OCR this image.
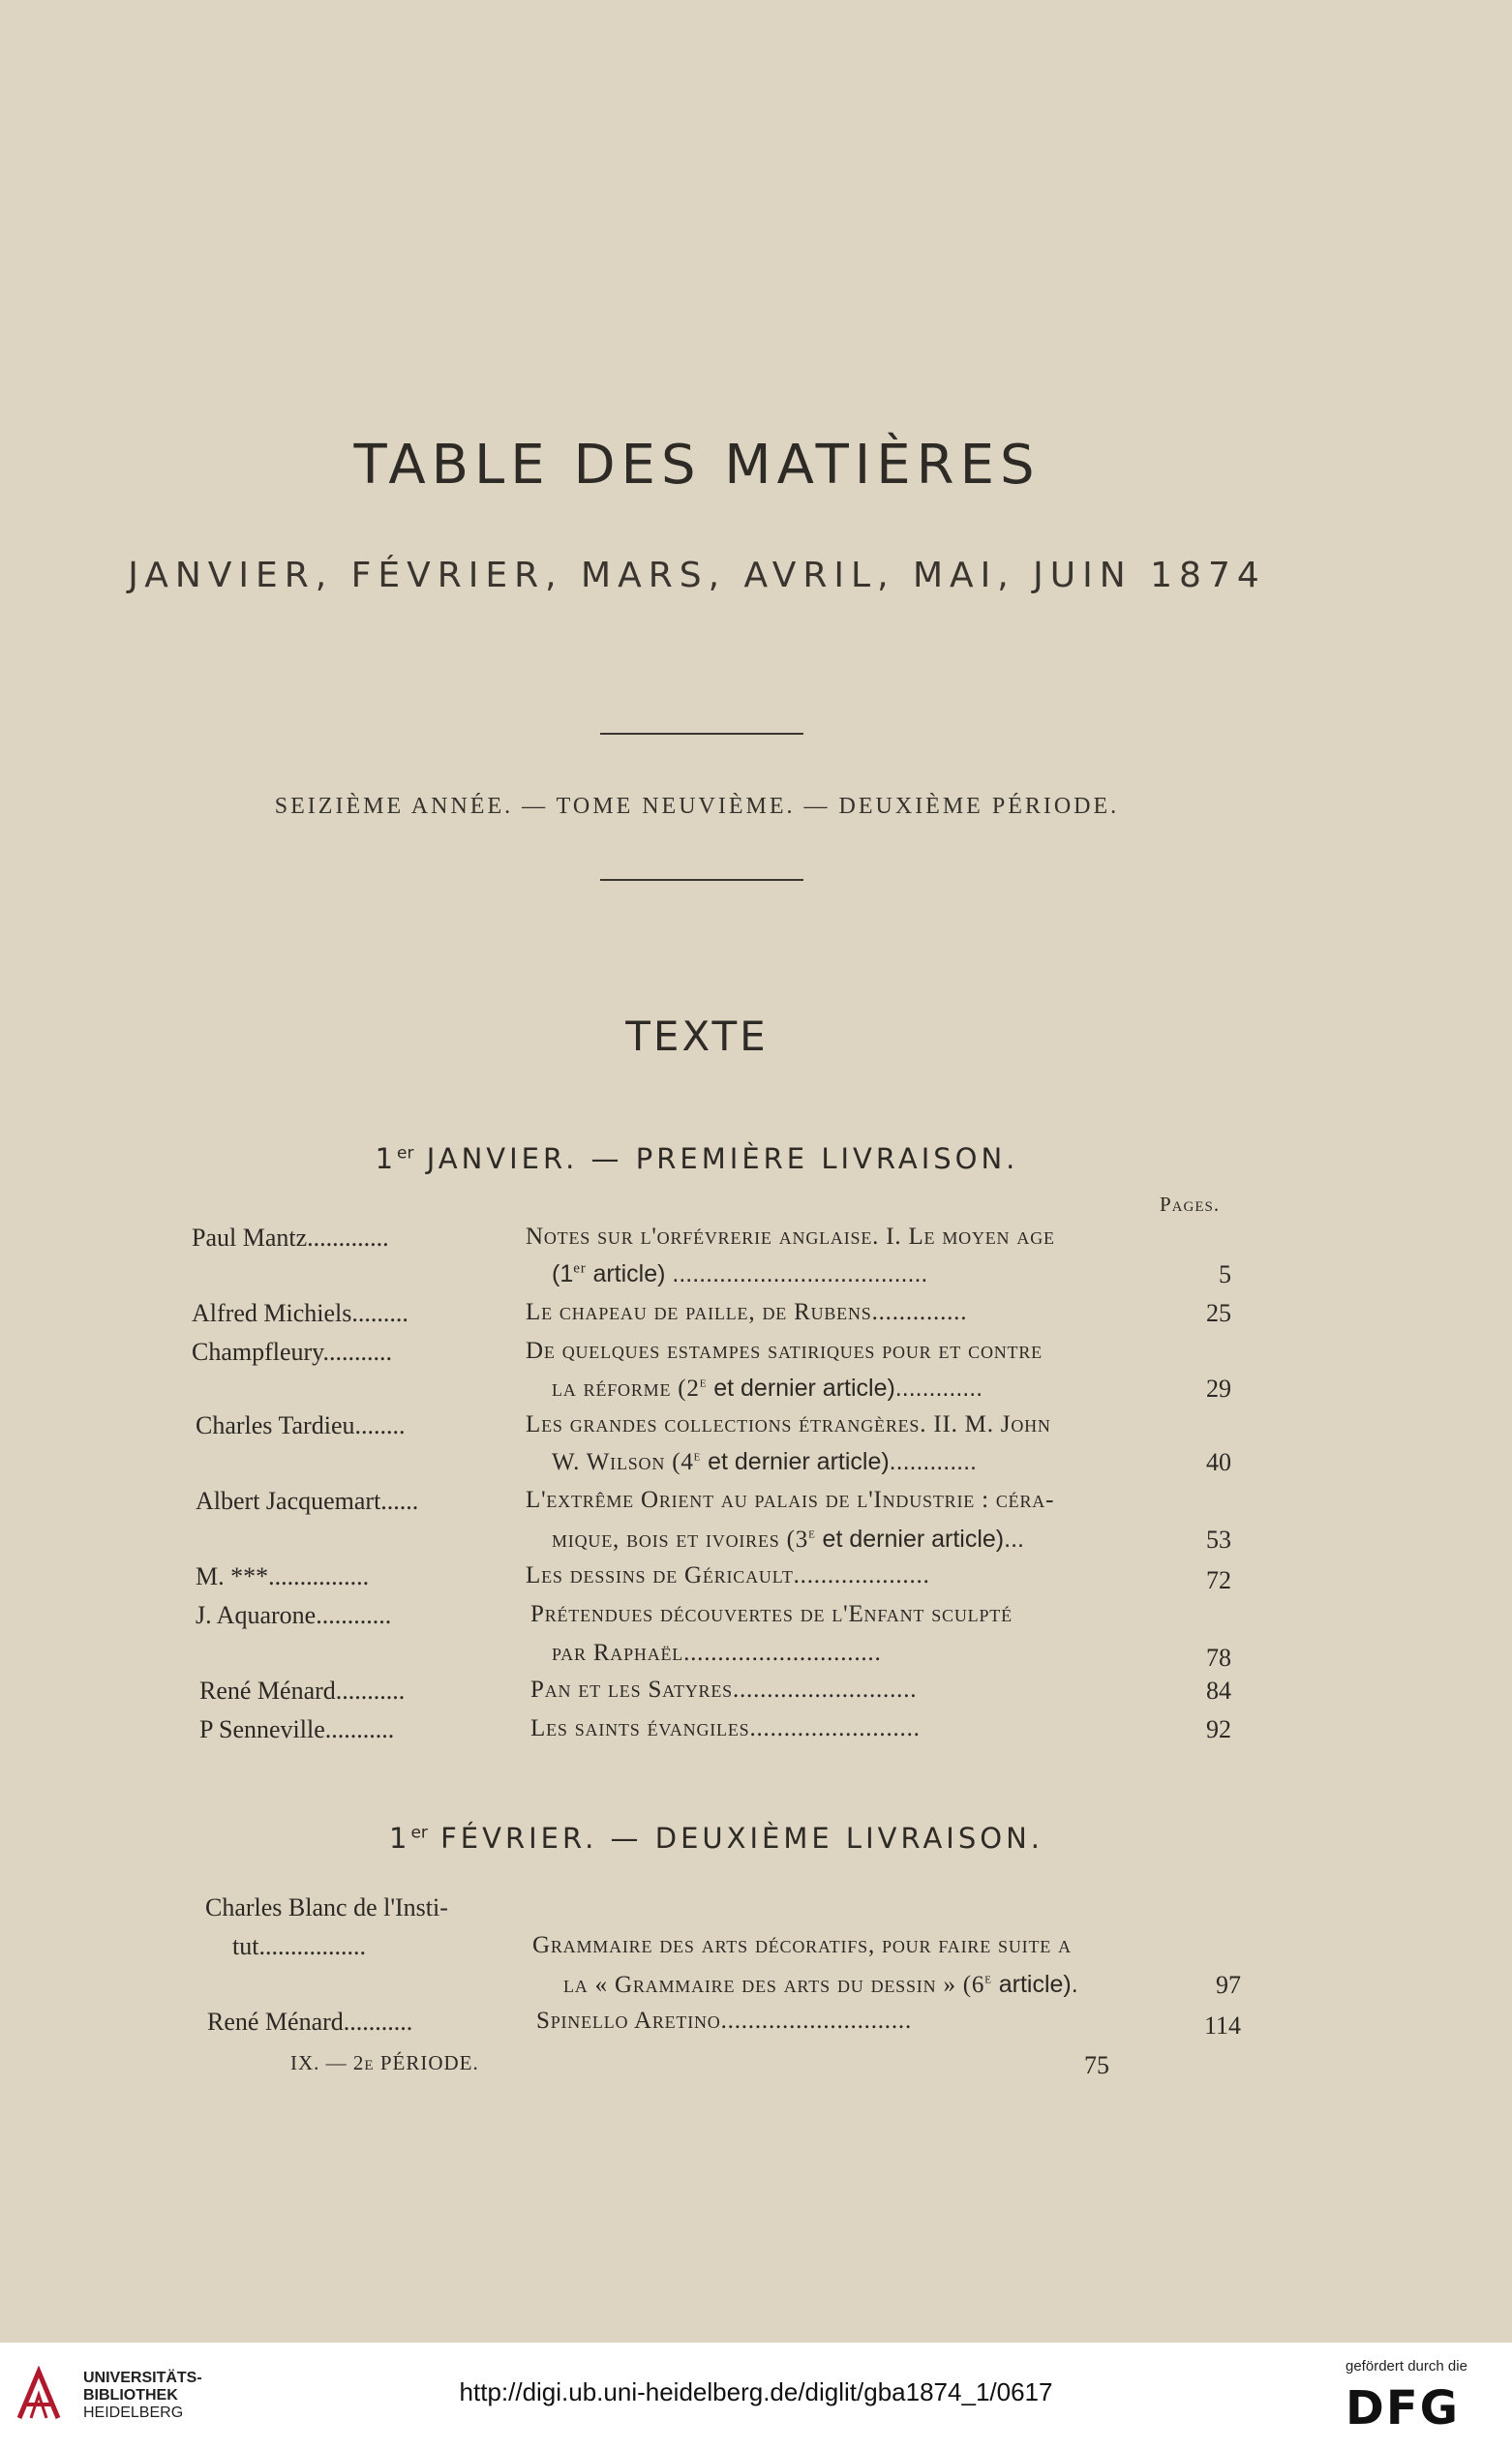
TABLE DES MATIÈRES
JANVIER, FÉVRIER, MARS, AVRIL, MAI, JUIN 1874
SEIZIÈME ANNÉE. — TOME NEUVIÈME. — DEUXIÈME PÉRIODE.
TEXTE
1er JANVIER. — PREMIÈRE LIVRAISON.
Pages.
Paul Mantz.............	Notes sur l'orfévrerie anglaise. I. Le moyen age
(1er article) ......................................	5
Alfred Michiels.........	Le chapeau de paille, de Rubens..............	25
Champfleury...........	De quelques estampes satiriques pour et contre
la réforme (2e et dernier article).............	29
Charles Tardieu........	Les grandes collections étrangères. II. M. John
W. Wilson (4e et dernier article).............	40
Albert Jacquemart......	L'extrême Orient au palais de l'Industrie : céra-
mique, bois et ivoires (3e et dernier article)...	53
M. ***................	Les dessins de Géricault....................	72
J. Aquarone............	Prétendues découvertes de l'Enfant sculpté
par Raphaël.............................	78
René Ménard...........	Pan et les Satyres...........................	84
P Senneville...........	Les saints évangiles.........................	92
1er FÉVRIER. — DEUXIÈME LIVRAISON.
Charles Blanc de l'Insti-
tut.................	Grammaire des arts décoratifs, pour faire suite a
la « Grammaire des arts du dessin » (6e article).	97
René Ménard...........	Spinello Aretino............................	114
IX. — 2e PÉRIODE.	75
UNIVERSITÄTS-
BIBLIOTHEK
HEIDELBERG
http://digi.ub.uni-heidelberg.de/diglit/gba1874_1/0617
gefördert durch die
DFG
